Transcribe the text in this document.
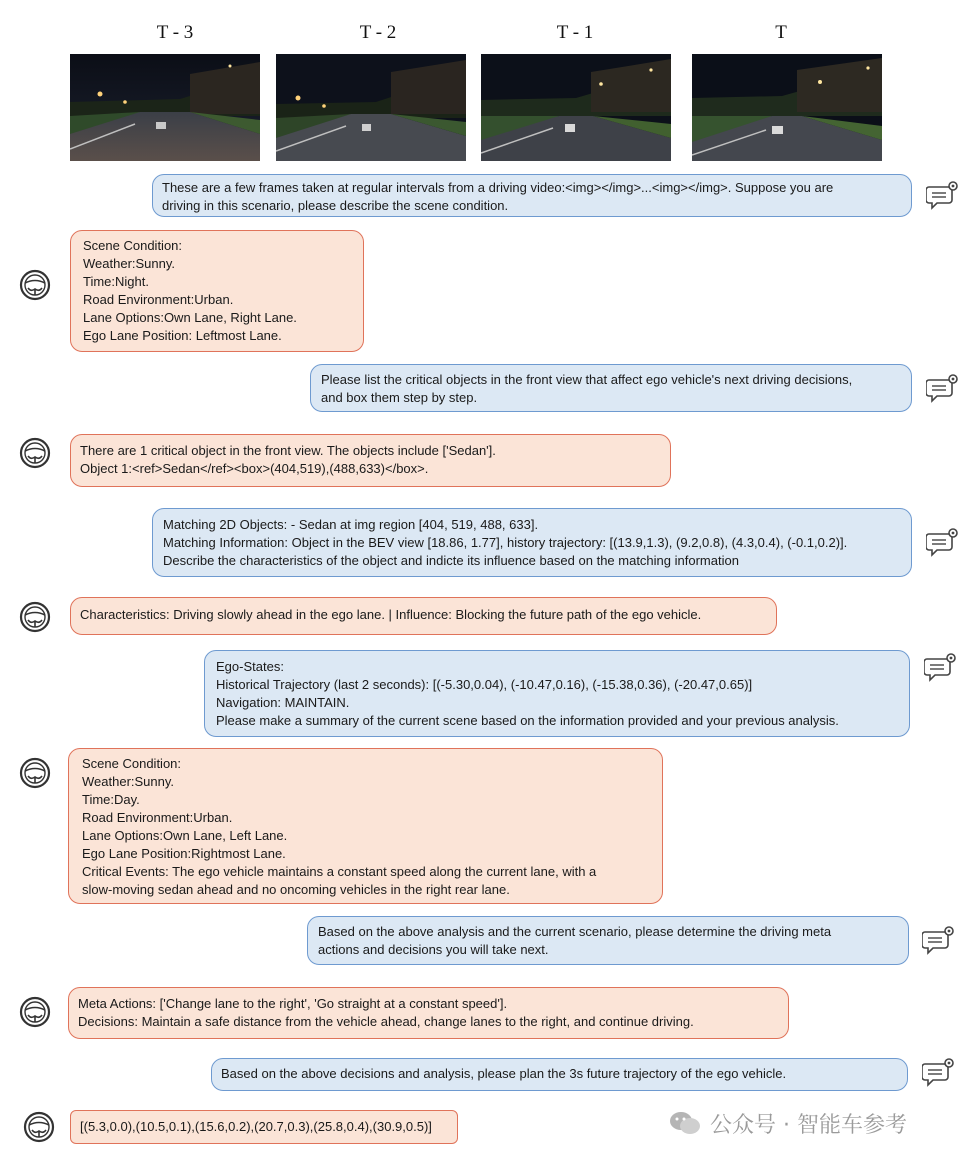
T - 3	T - 2	T - 1	T
These are a few frames taken at regular intervals from a driving video:<img></img>...<img></img>. Suppose you are
driving in this scenario, please describe the scene condition.
Scene Condition:
Weather:Sunny.
Time:Night.
Road Environment:Urban.
Lane Options:Own Lane, Right Lane.
Ego Lane Position: Leftmost Lane.
Please list the critical objects in the front view that affect ego vehicle's next driving decisions,
and box them step by step.
There are 1 critical object in the front view. The objects include ['Sedan'].
Object 1:<ref>Sedan</ref><box>(404,519),(488,633)</box>.
Matching 2D Objects: - Sedan at img region [404, 519, 488, 633].
Matching Information: Object in the BEV view [18.86, 1.77], history trajectory: [(13.9,1.3), (9.2,0.8), (4.3,0.4), (-0.1,0.2)].
Describe the characteristics of the object and indicte its influence based on the matching information
Characteristics: Driving slowly ahead in the ego lane. | Influence: Blocking the future path of the ego vehicle.
Ego-States:
Historical Trajectory (last 2 seconds): [(-5.30,0.04), (-10.47,0.16), (-15.38,0.36), (-20.47,0.65)]
Navigation: MAINTAIN.
Please make a summary of the current scene based on the information provided and your previous analysis.
Scene Condition:
Weather:Sunny.
Time:Day.
Road Environment:Urban.
Lane Options:Own Lane, Left Lane.
Ego Lane Position:Rightmost Lane.
Critical Events: The ego vehicle maintains a constant speed along the current lane, with a
slow-moving sedan ahead and no oncoming vehicles in the right rear lane.
Based on the above analysis and the current scenario, please determine the driving meta
actions and decisions you will take next.
Meta Actions: ['Change lane to the right', 'Go straight at a constant speed'].
Decisions: Maintain a safe distance from the vehicle ahead, change lanes to the right, and continue driving.
Based on the above decisions and analysis, please plan the 3s future trajectory of the ego vehicle.
[(5.3,0.0),(10.5,0.1),(15.6,0.2),(20.7,0.3),(25.8,0.4),(30.9,0.5)]	公众号 · 智能车参考
